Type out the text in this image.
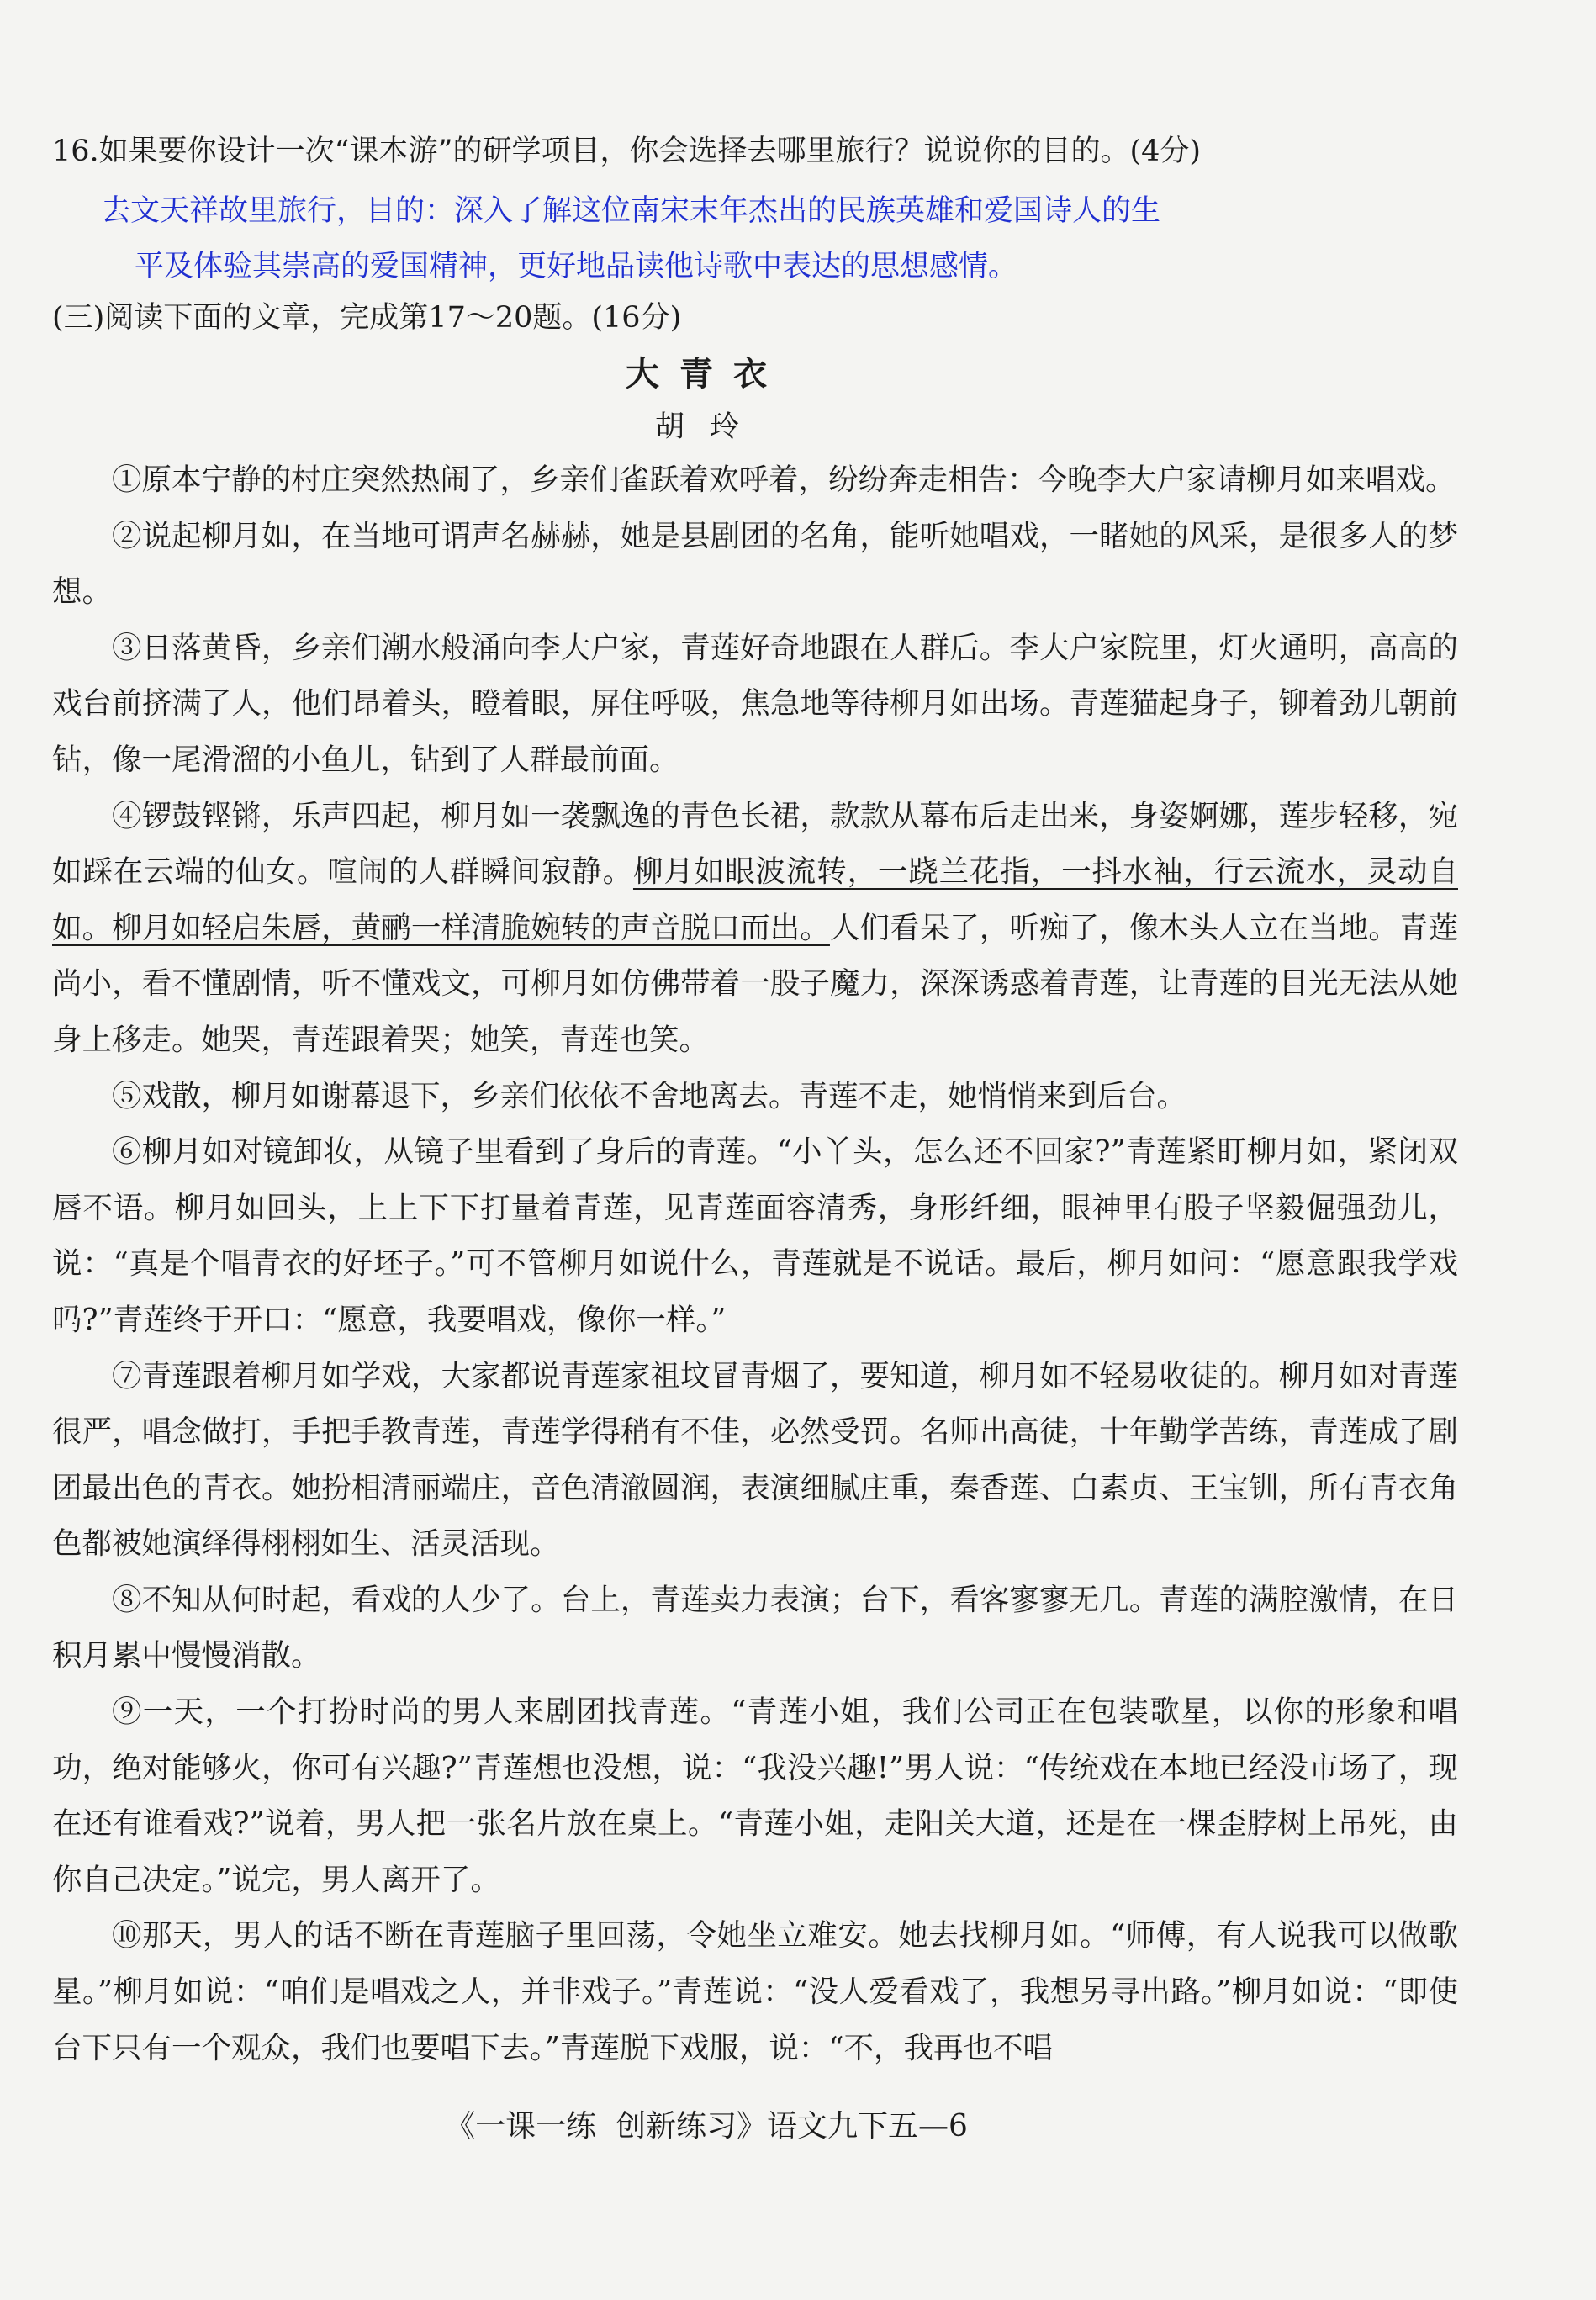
16.如果要你设计一次“课本游”的研学项目，你会选择去哪里旅行？说说你的目的。(4分)
去文天祥故里旅行，目的：深入了解这位南宋末年杰出的民族英雄和爱国诗人的生
平及体验其崇高的爱国精神，更好地品读他诗歌中表达的思想感情。
(三)阅读下面的文章，完成第17～20题。(16分)
大青衣
胡玲

①原本宁静的村庄突然热闹了，乡亲们雀跃着欢呼着，纷纷奔走相告：今晚李大户家请柳月如来唱戏。

②说起柳月如，在当地可谓声名赫赫，她是县剧团的名角，能听她唱戏，一睹她的风采，是很多人的梦想。

③日落黄昏，乡亲们潮水般涌向李大户家，青莲好奇地跟在人群后。李大户家院里，灯火通明，高高的戏台前挤满了人，他们昂着头，瞪着眼，屏住呼吸，焦急地等待柳月如出场。青莲猫起身子，铆着劲儿朝前钻，像一尾滑溜的小鱼儿，钻到了人群最前面。

④锣鼓铿锵，乐声四起，柳月如一袭飘逸的青色长裙，款款从幕布后走出来，身姿婀娜，莲步轻移，宛如踩在云端的仙女。喧闹的人群瞬间寂静。柳月如眼波流转，一跷兰花指，一抖水袖，行云流水，灵动自如。柳月如轻启朱唇，黄鹂一样清脆婉转的声音脱口而出。人们看呆了，听痴了，像木头人立在当地。青莲尚小，看不懂剧情，听不懂戏文，可柳月如仿佛带着一股子魔力，深深诱惑着青莲，让青莲的目光无法从她身上移走。她哭，青莲跟着哭；她笑，青莲也笑。

⑤戏散，柳月如谢幕退下，乡亲们依依不舍地离去。青莲不走，她悄悄来到后台。

⑥柳月如对镜卸妆，从镜子里看到了身后的青莲。“小丫头，怎么还不回家?”青莲紧盯柳月如，紧闭双唇不语。柳月如回头，上上下下打量着青莲，见青莲面容清秀，身形纤细，眼神里有股子坚毅倔强劲儿，说：“真是个唱青衣的好坯子。”可不管柳月如说什么，青莲就是不说话。最后，柳月如问：“愿意跟我学戏吗?”青莲终于开口：“愿意，我要唱戏，像你一样。”

⑦青莲跟着柳月如学戏，大家都说青莲家祖坟冒青烟了，要知道，柳月如不轻易收徒的。柳月如对青莲很严，唱念做打，手把手教青莲，青莲学得稍有不佳，必然受罚。名师出高徒，十年勤学苦练，青莲成了剧团最出色的青衣。她扮相清丽端庄，音色清澈圆润，表演细腻庄重，秦香莲、白素贞、王宝钏，所有青衣角色都被她演绎得栩栩如生、活灵活现。

⑧不知从何时起，看戏的人少了。台上，青莲卖力表演；台下，看客寥寥无几。青莲的满腔激情，在日积月累中慢慢消散。

⑨一天，一个打扮时尚的男人来剧团找青莲。“青莲小姐，我们公司正在包装歌星，以你的形象和唱功，绝对能够火，你可有兴趣?”青莲想也没想，说：“我没兴趣!”男人说：“传统戏在本地已经没市场了，现在还有谁看戏?”说着，男人把一张名片放在桌上。“青莲小姐，走阳关大道，还是在一棵歪脖树上吊死，由你自己决定。”说完，男人离开了。

⑩那天，男人的话不断在青莲脑子里回荡，令她坐立难安。她去找柳月如。“师傅，有人说我可以做歌星。”柳月如说：“咱们是唱戏之人，并非戏子。”青莲说：“没人爱看戏了，我想另寻出路。”柳月如说：“即使台下只有一个观众，我们也要唱下去。”青莲脱下戏服，说：“不，我再也不唱

《一课一练  创新练习》语文九下五—6
